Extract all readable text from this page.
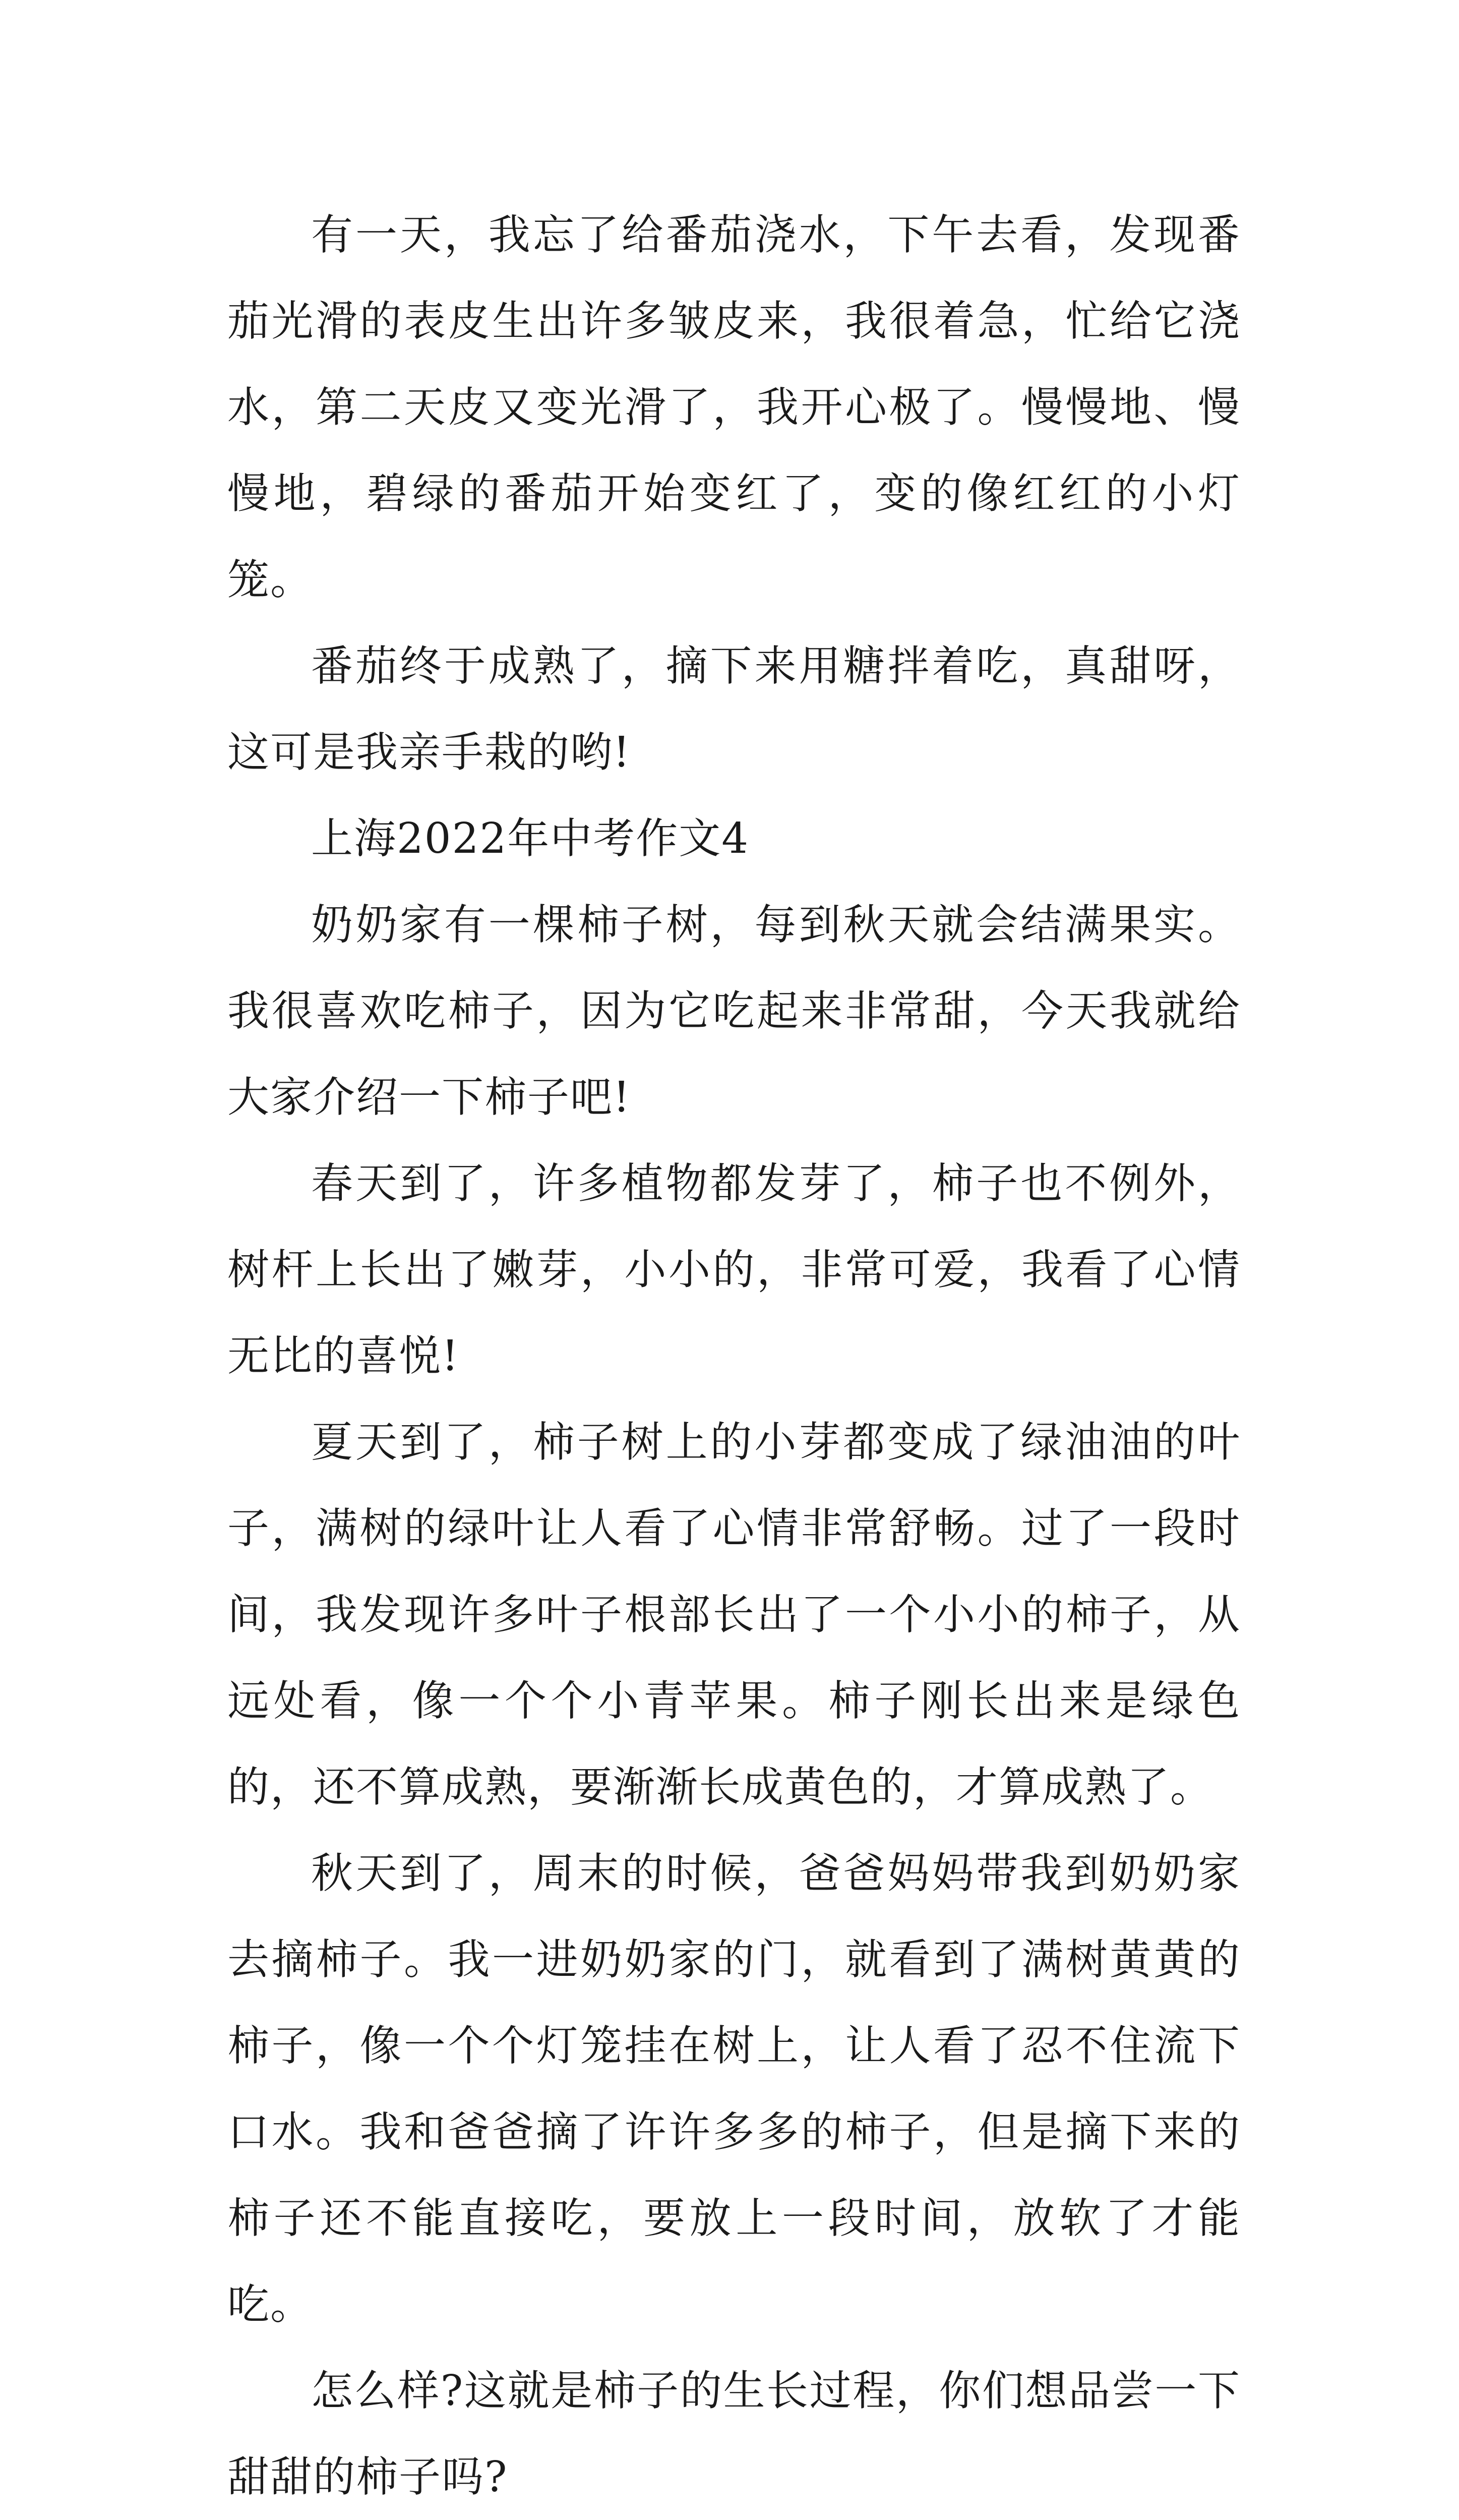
有一天，我忘了给番茄浇水，下午去看，发现番茄光滑的表皮生出许多皱皮来，我很着急，忙给它浇水，第二天皮又变光滑了，我开心极了。慢慢地、慢慢地，碧绿的番茄开始变红了，变的像红红的小灯笼。

番茄终于成熟了，摘下来用糖拌着吃，真甜呀，这可是我亲手栽的哟!

上海2022年中考作文4

奶奶家有一棵柿子树，每到秋天就会结满果实。我很喜欢吃柿子，因为它吃起来非常甜，今天我就给大家介绍一下柿子吧!

春天到了，许多植物都发芽了，柿子也不例外，树杆上长出了嫩芽，小小的，非常可爱，我看了心情无比的喜悦!

夏天到了，柿子树上的小芽都变成了绿油油的叶子，满树的绿叶让人看了心情非常舒畅。过了一段时间，我发现许多叶子根部长出了一个小小的柿子，从远处看，像一个个小青苹果。柿子刚长出来是绿色的，还不算成熟，要渐渐长成黄色的，才算成熟了。

秋天到了，周末的时候，爸爸妈妈带我到奶奶家去摘柿子。我一进奶奶家的门，就看到了满树黄黄的柿子，像一个个灯笼挂在树上，让人看了忍不住流下口水。我和爸爸摘了许许多多的柿子，但是摘下来的柿子还不能直接吃，要放上一段时间，放软了才能吃。

怎么样?这就是柿子的生长过程，你们想品尝一下甜甜的柿子吗?
